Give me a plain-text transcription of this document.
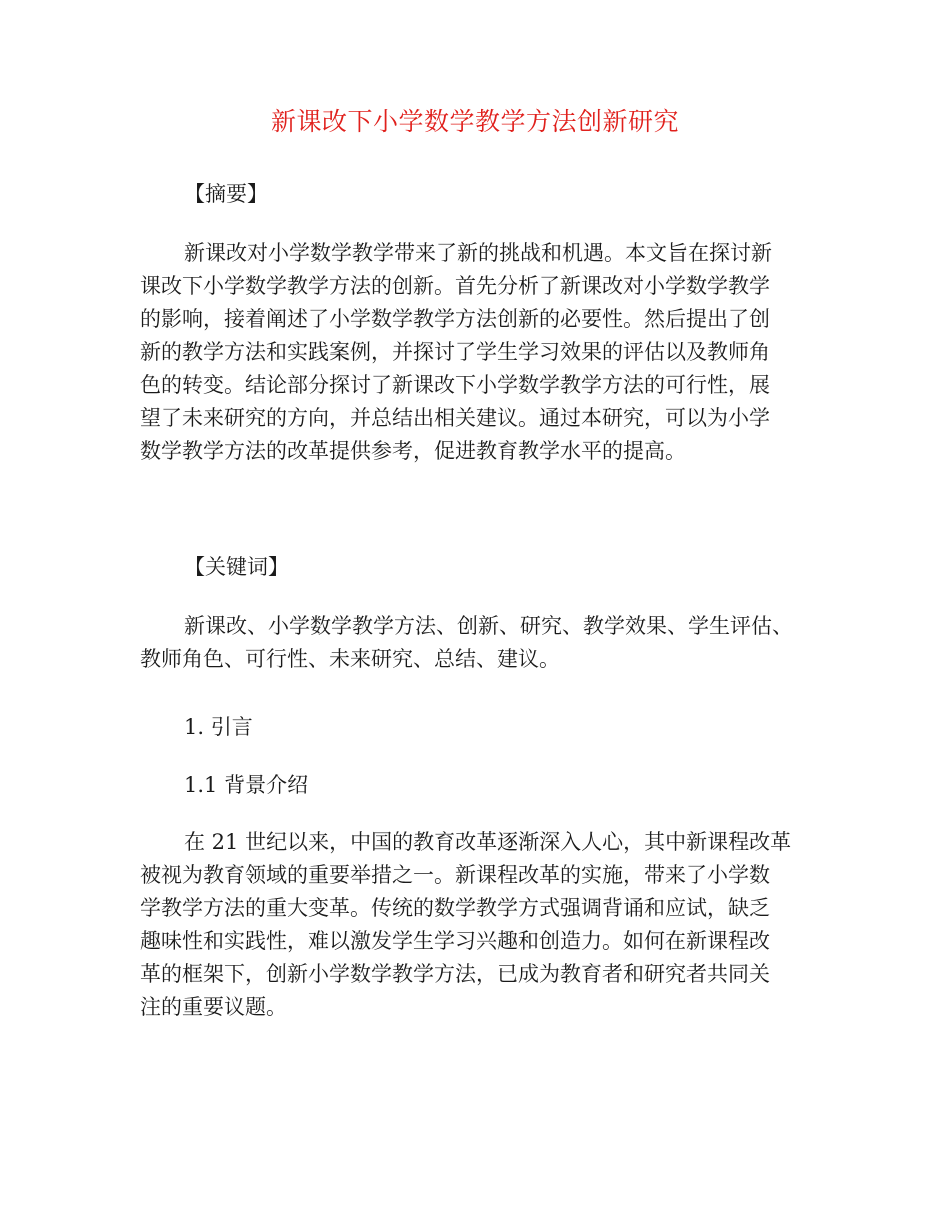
新课改下小学数学教学方法创新研究
【摘要】
新课改对小学数学教学带来了新的挑战和机遇。本文旨在探讨新
课改下小学数学教学方法的创新。首先分析了新课改对小学数学教学
的影响，接着阐述了小学数学教学方法创新的必要性。然后提出了创
新的教学方法和实践案例，并探讨了学生学习效果的评估以及教师角
色的转变。结论部分探讨了新课改下小学数学教学方法的可行性，展
望了未来研究的方向，并总结出相关建议。通过本研究，可以为小学
数学教学方法的改革提供参考，促进教育教学水平的提高。
【关键词】
新课改、小学数学教学方法、创新、研究、教学效果、学生评估、
教师角色、可行性、未来研究、总结、建议。
1. 引言
1.1 背景介绍
在 21 世纪以来，中国的教育改革逐渐深入人心，其中新课程改革
被视为教育领域的重要举措之一。新课程改革的实施，带来了小学数
学教学方法的重大变革。传统的数学教学方式强调背诵和应试，缺乏
趣味性和实践性，难以激发学生学习兴趣和创造力。如何在新课程改
革的框架下，创新小学数学教学方法，已成为教育者和研究者共同关
注的重要议题。
